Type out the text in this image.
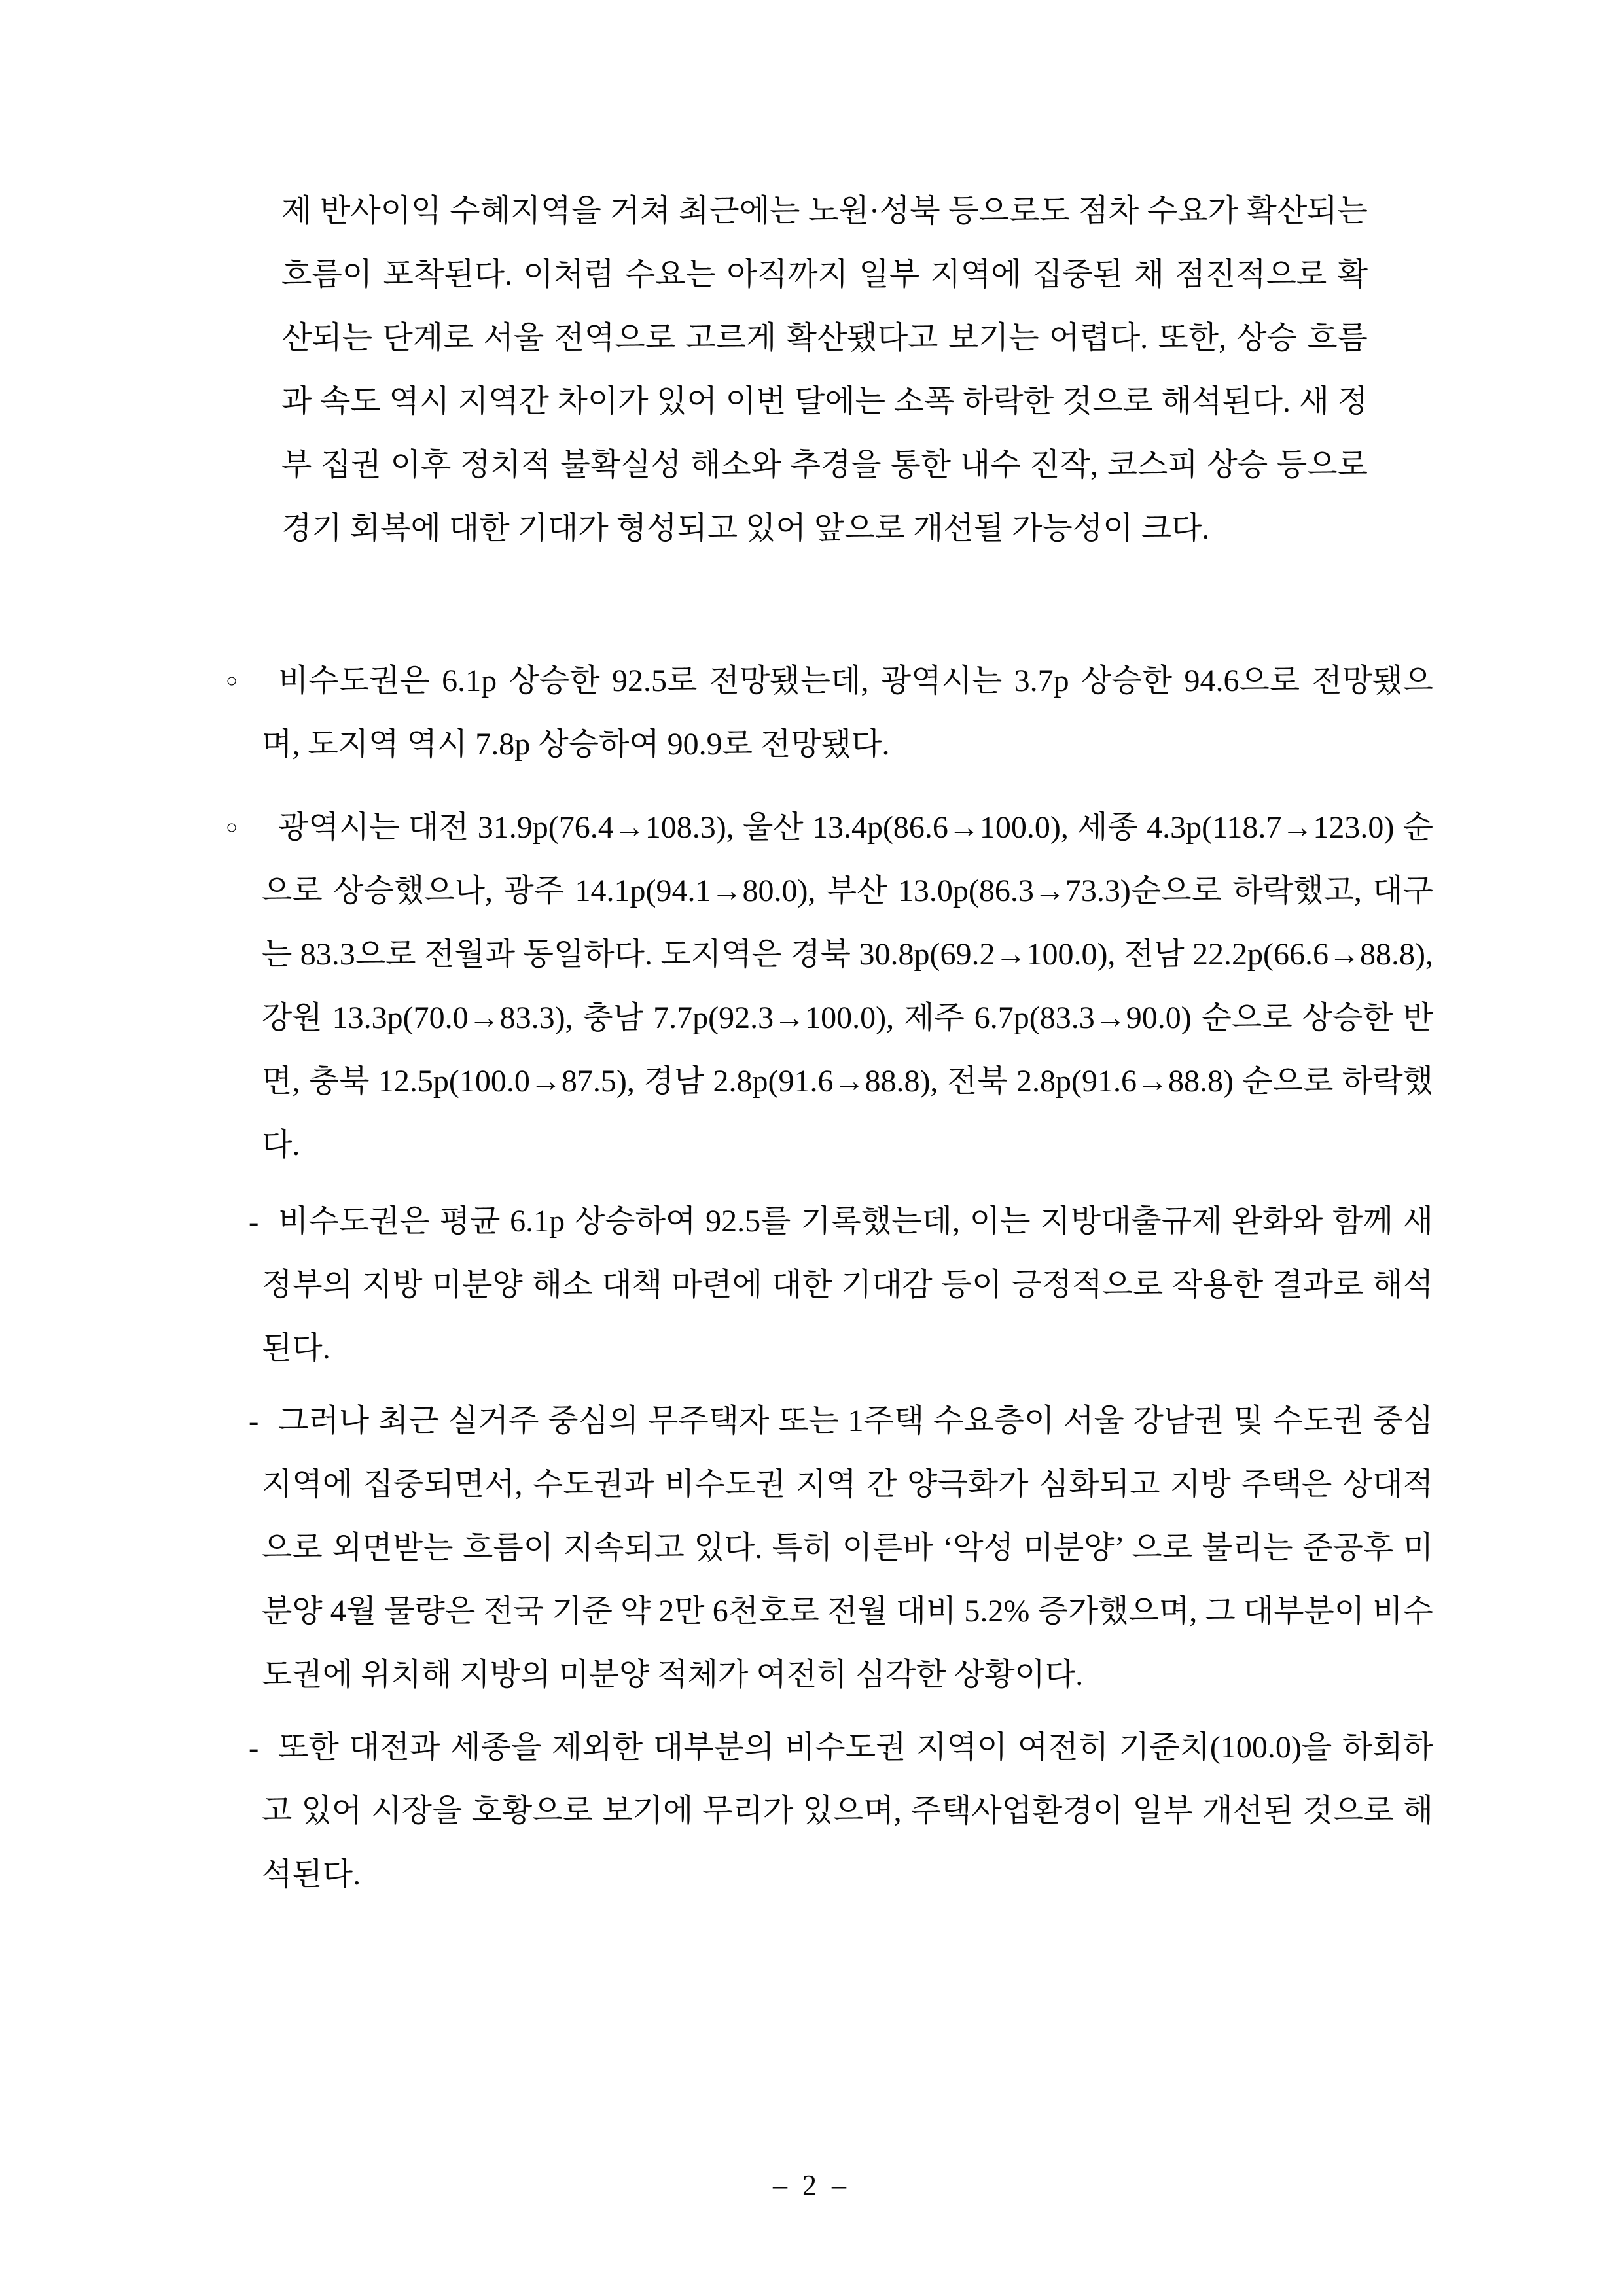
제 반사이익 수혜지역을 거쳐 최근에는 노원·성북 등으로도 점차 수요가 확산되는 흐름이 포착된다. 이처럼 수요는 아직까지 일부 지역에 집중된 채 점진적으로 확산되는 단계로 서울 전역으로 고르게 확산됐다고 보기는 어렵다. 또한, 상승 흐름과 속도 역시 지역간 차이가 있어 이번 달에는 소폭 하락한 것으로 해석된다. 새 정부 집권 이후 정치적 불확실성 해소와 추경을 통한 내수 진작, 코스피 상승 등으로 경기 회복에 대한 기대가 형성되고 있어 앞으로 개선될 가능성이 크다.
○ 비수도권은 6.1p 상승한 92.5로 전망됐는데, 광역시는 3.7p 상승한 94.6으로 전망됐으며, 도지역 역시 7.8p 상승하여 90.9로 전망됐다.
○ 광역시는 대전 31.9p(76.4→108.3), 울산 13.4p(86.6→100.0), 세종 4.3p(118.7→123.0) 순으로 상승했으나, 광주 14.1p(94.1→80.0), 부산 13.0p(86.3→73.3)순으로 하락했고, 대구는 83.3으로 전월과 동일하다. 도지역은 경북 30.8p(69.2→100.0), 전남 22.2p(66.6→88.8), 강원 13.3p(70.0→83.3), 충남 7.7p(92.3→100.0), 제주 6.7p(83.3→90.0) 순으로 상승한 반면, 충북 12.5p(100.0→87.5), 경남 2.8p(91.6→88.8), 전북 2.8p(91.6→88.8) 순으로 하락했다.
- 비수도권은 평균 6.1p 상승하여 92.5를 기록했는데, 이는 지방대출규제 완화와 함께 새 정부의 지방 미분양 해소 대책 마련에 대한 기대감 등이 긍정적으로 작용한 결과로 해석된다.
- 그러나 최근 실거주 중심의 무주택자 또는 1주택 수요층이 서울 강남권 및 수도권 중심지역에 집중되면서, 수도권과 비수도권 지역 간 양극화가 심화되고 지방 주택은 상대적으로 외면받는 흐름이 지속되고 있다. 특히 이른바 ‘악성 미분양’ 으로 불리는 준공후 미분양 4월 물량은 전국 기준 약 2만 6천호로 전월 대비 5.2% 증가했으며, 그 대부분이 비수도권에 위치해 지방의 미분양 적체가 여전히 심각한 상황이다.
- 또한 대전과 세종을 제외한 대부분의 비수도권 지역이 여전히 기준치(100.0)을 하회하고 있어 시장을 호황으로 보기에 무리가 있으며, 주택사업환경이 일부 개선된 것으로 해석된다.
– 2 –
